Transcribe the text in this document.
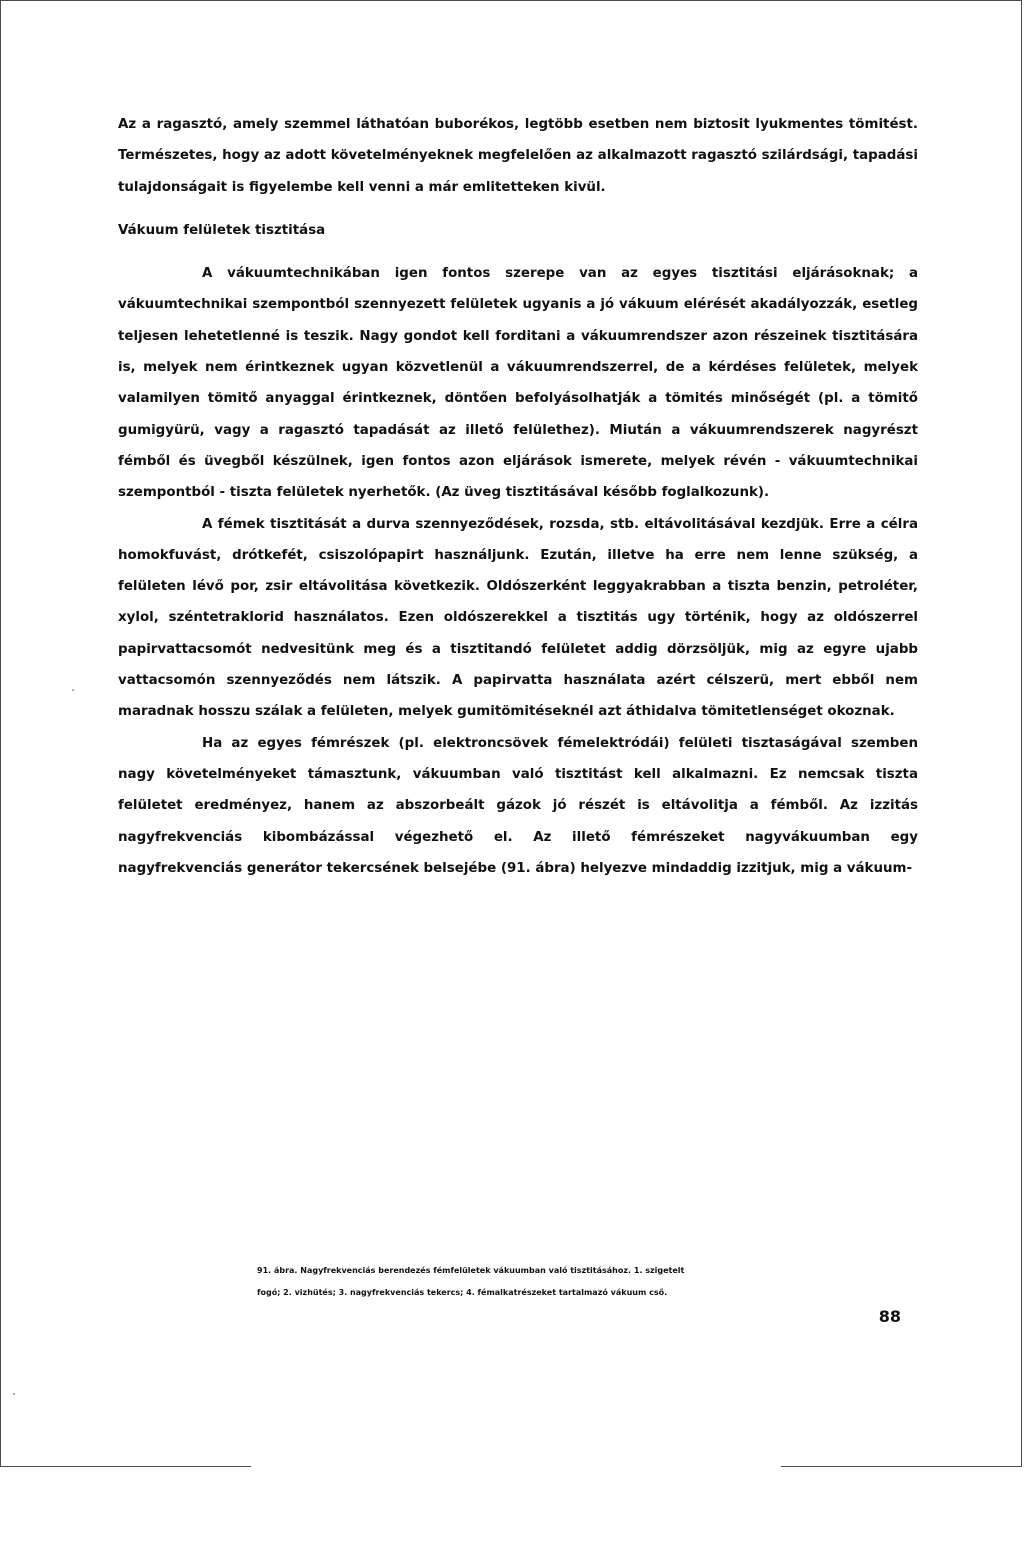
Az a ragasztó, amely szemmel láthatóan buborékos, legtöbb esetben nem biztosit lyukmentes tömitést. Természetes, hogy az adott követelményeknek megfelelően az alkalmazott ragasztó szilárdsági, tapadási tulajdonságait is figyelembe kell venni a már emlitetteken kivül.

Vákuum felületek tisztitása

A vákuumtechnikában igen fontos szerepe van az egyes tisztitási eljárásoknak; a vákuumtechnikai szempontból szennyezett felületek ugyanis a jó vákuum elérését akadályozzák, esetleg teljesen lehetetlenné is teszik. Nagy gondot kell forditani a vákuumrendszer azon részeinek tisztitására is, melyek nem érintkeznek ugyan közvetlenül a vákuumrendszerrel, de a kérdéses felületek, melyek valamilyen tömitő anyaggal érintkeznek, döntően befolyásolhatják a tömités minőségét (pl. a tömitő gumigyürü, vagy a ragasztó tapadását az illető felülethez). Miután a vákuumrendszerek nagyrészt fémből és üvegből készülnek, igen fontos azon eljárások ismerete, melyek révén - vákuumtechnikai szempontból - tiszta felületek nyerhetők. (Az üveg tisztitásával később foglalkozunk).

A fémek tisztitását a durva szennyeződések, rozsda, stb. eltávolitásával kezdjük. Erre a célra homokfuvást, drótkefét, csiszolópapirt használjunk. Ezután, illetve ha erre nem lenne szükség, a felületen lévő por, zsir eltávolitása következik. Oldószerként leggyakrabban a tiszta benzin, petroléter, xylol, széntetraklorid használatos. Ezen oldószerekkel a tisztitás ugy történik, hogy az oldószerrel papirvattacsomót nedvesitünk meg és a tisztitandó felületet addig dörzsöljük, mig az egyre ujabb vattacsomón szennyeződés nem látszik. A papirvatta használata azért célszerü, mert ebből nem maradnak hosszu szálak a felületen, melyek gumitömitéseknél azt áthidalva tömitetlenséget okoznak.

Ha az egyes fémrészek (pl. elektroncsövek fémelektródái) felületi tisztaságával szemben nagy követelményeket támasztunk, vákuumban való tisztitást kell alkalmazni. Ez nemcsak tiszta felületet eredményez, hanem az abszorbeált gázok jó részét is eltávolitja a fémből. Az izzitás nagyfrekvenciás kibombázással végezhető el. Az illető fémrészeket nagyvákuumban egy nagyfrekvenciás generátor tekercsének belsejébe (91. ábra) helyezve mindaddig izzitjuk, mig a vákuum-

91. ábra. Nagyfrekvenciás berendezés fémfelületek vákuumban való tisztitásához. 1. szigetelt

fogó; 2. vizhütés; 3. nagyfrekvenciás tekercs; 4. fémalkatrészeket tartalmazó vákuum cső.

88
